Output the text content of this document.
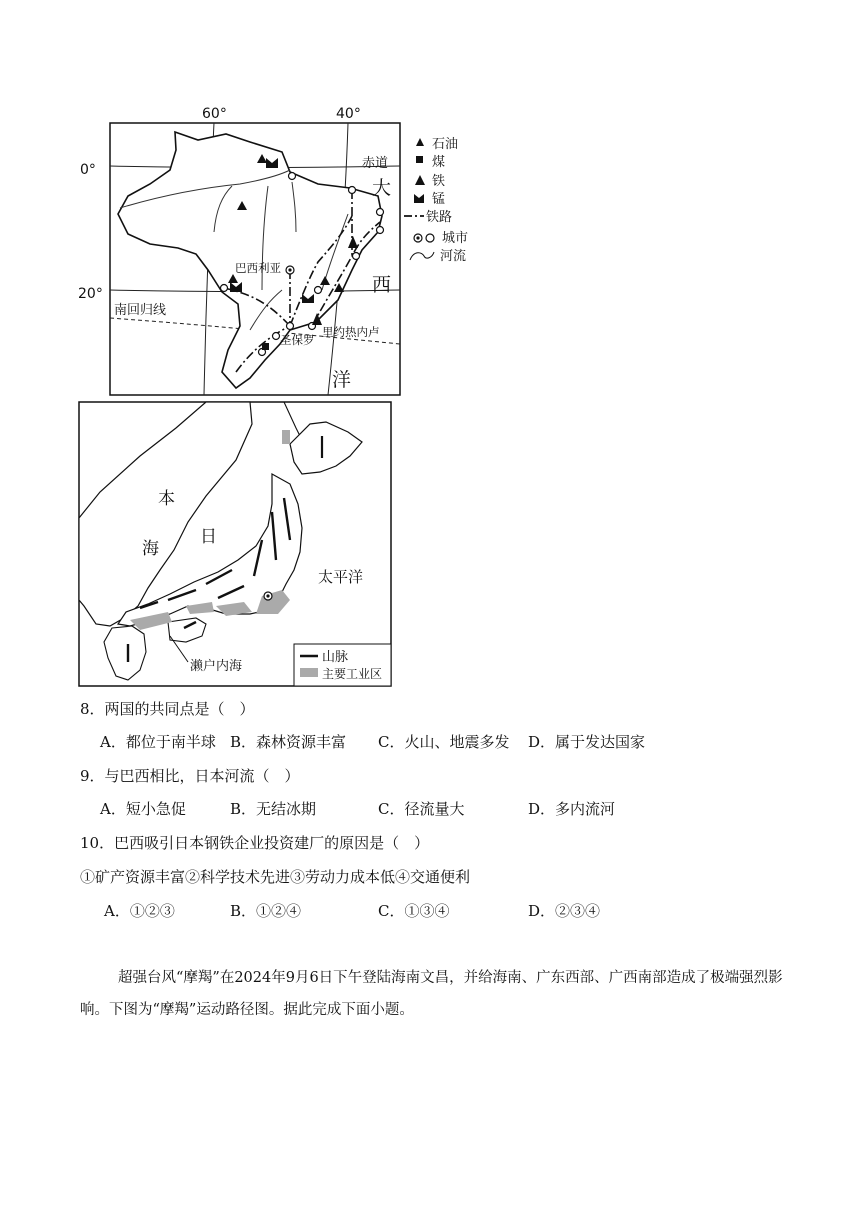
60°	40°
0°
20°
赤道
南回归线
大
西
洋
巴西利亚
圣保罗
里约热内卢
石油
煤
铁
锰
铁路
城市
河流
日
本
海
太平洋
濑户内海
山脉
主要工业区
8．两国的共同点是（　）
A．都位于南半球 B．森林资源丰富 C．火山、地震多发 D．属于发达国家
9．与巴西相比，日本河流（　）
A．短小急促	B．无结冰期	C．径流量大	D．多内流河
10．巴西吸引日本钢铁企业投资建厂的原因是（　）
①矿产资源丰富②科学技术先进③劳动力成本低④交通便利
A．①②③	B．①②④	C．①③④	D．②③④
超强台风“摩羯”在2024年9月6日下午登陆海南文昌，并给海南、广东西部、广西南部造成了极端强烈影响。下图为“摩羯”运动路径图。据此完成下面小题。
